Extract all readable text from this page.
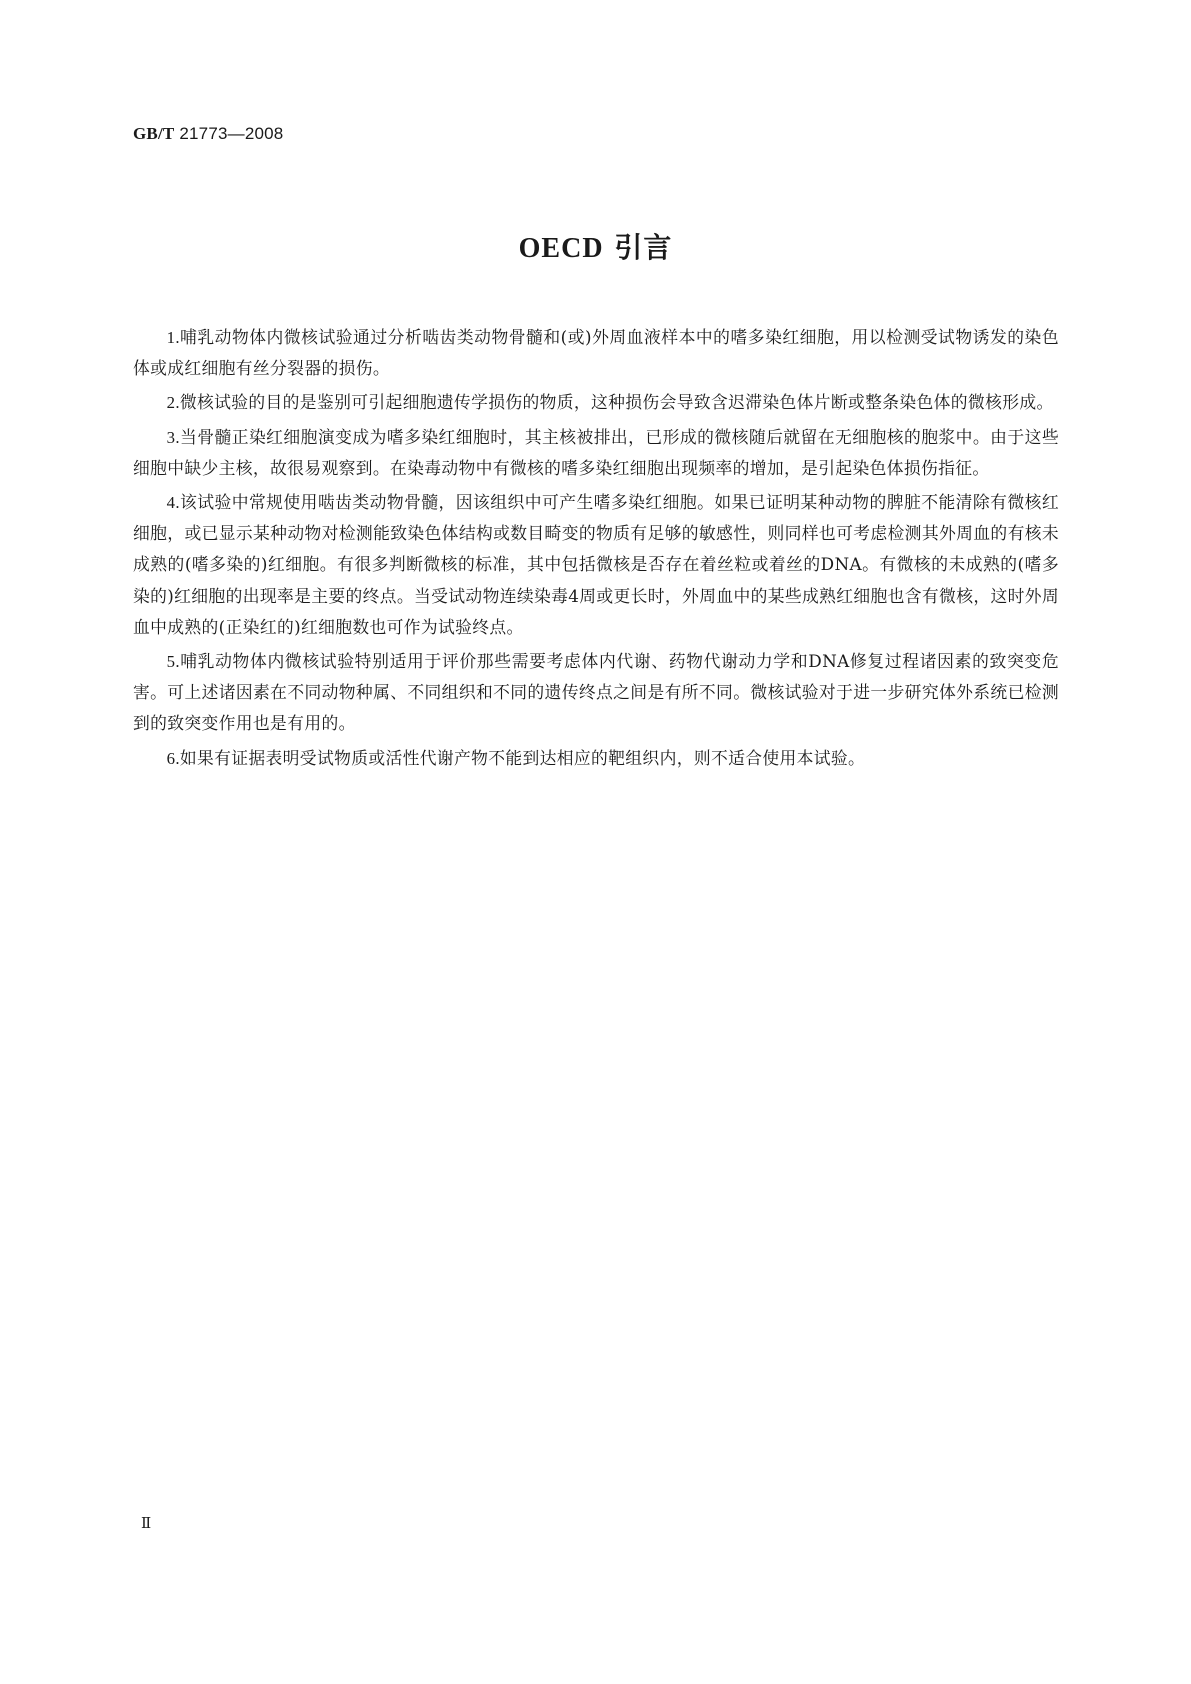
GB/T 21773—2008
OECD 引言

1.哺乳动物体内微核试验通过分析啮齿类动物骨髓和(或)外周血液样本中的嗜多染红细胞，用以检测受试物诱发的染色体或成红细胞有丝分裂器的损伤。

2.微核试验的目的是鉴别可引起细胞遗传学损伤的物质，这种损伤会导致含迟滞染色体片断或整条染色体的微核形成。

3.当骨髓正染红细胞演变成为嗜多染红细胞时，其主核被排出，已形成的微核随后就留在无细胞核的胞浆中。由于这些细胞中缺少主核，故很易观察到。在染毒动物中有微核的嗜多染红细胞出现频率的增加，是引起染色体损伤指征。

4.该试验中常规使用啮齿类动物骨髓，因该组织中可产生嗜多染红细胞。如果已证明某种动物的脾脏不能清除有微核红细胞，或已显示某种动物对检测能致染色体结构或数目畸变的物质有足够的敏感性，则同样也可考虑检测其外周血的有核未成熟的(嗜多染的)红细胞。有很多判断微核的标准，其中包括微核是否存在着丝粒或着丝的DNA。有微核的未成熟的(嗜多染的)红细胞的出现率是主要的终点。当受试动物连续染毒4周或更长时，外周血中的某些成熟红细胞也含有微核，这时外周血中成熟的(正染红的)红细胞数也可作为试验终点。

5.哺乳动物体内微核试验特别适用于评价那些需要考虑体内代谢、药物代谢动力学和DNA修复过程诸因素的致突变危害。可上述诸因素在不同动物种属、不同组织和不同的遗传终点之间是有所不同。微核试验对于进一步研究体外系统已检测到的致突变作用也是有用的。

6.如果有证据表明受试物质或活性代谢产物不能到达相应的靶组织内，则不适合使用本试验。

Ⅱ
